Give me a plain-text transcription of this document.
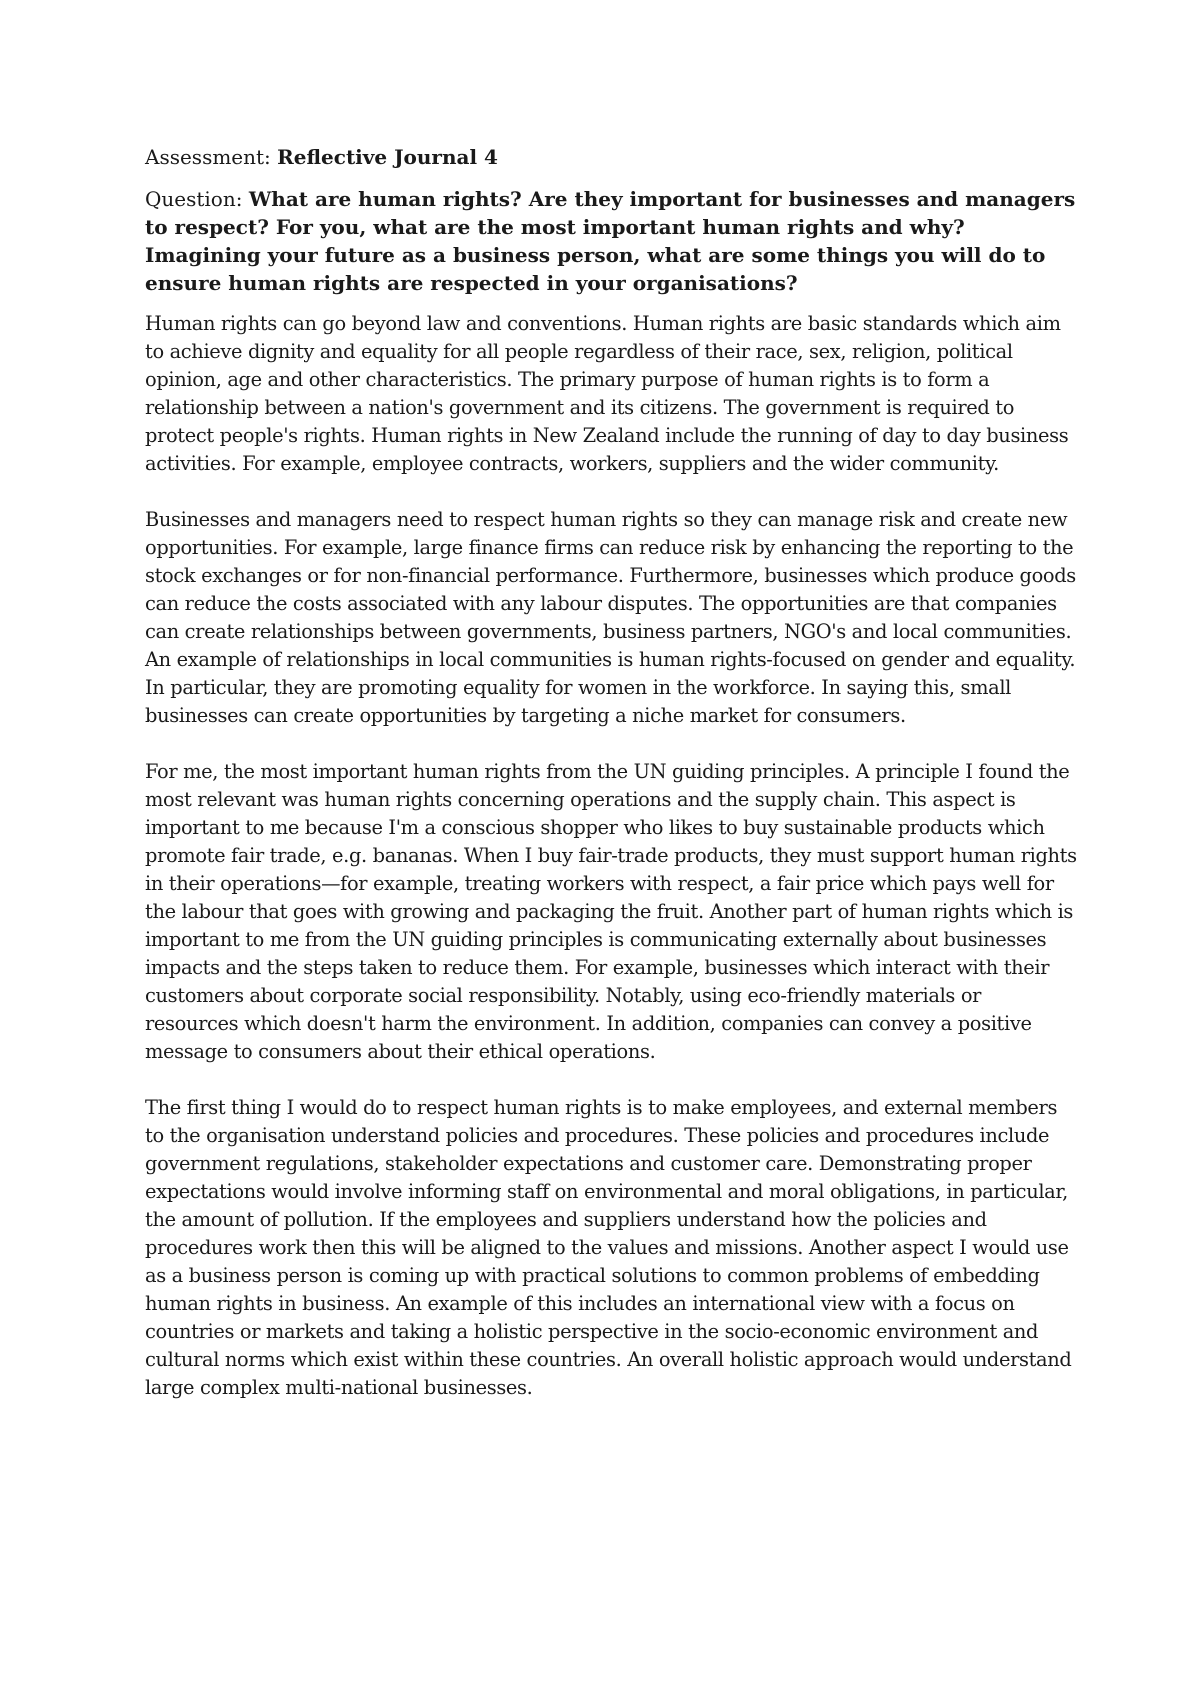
Assessment: Reflective Journal 4

Question: What are human rights? Are they important for businesses and managers to respect? For you, what are the most important human rights and why? Imagining your future as a business person, what are some things you will do to ensure human rights are respected in your organisations?

Human rights can go beyond law and conventions. Human rights are basic standards which aim to achieve dignity and equality for all people regardless of their race, sex, religion, political opinion, age and other characteristics. The primary purpose of human rights is to form a relationship between a nation's government and its citizens. The government is required to protect people's rights. Human rights in New Zealand include the running of day to day business activities. For example, employee contracts, workers, suppliers and the wider community.

Businesses and managers need to respect human rights so they can manage risk and create new opportunities. For example, large finance firms can reduce risk by enhancing the reporting to the stock exchanges or for non-financial performance. Furthermore, businesses which produce goods can reduce the costs associated with any labour disputes. The opportunities are that companies can create relationships between governments, business partners, NGO's and local communities. An example of relationships in local communities is human rights-focused on gender and equality. In particular, they are promoting equality for women in the workforce. In saying this, small businesses can create opportunities by targeting a niche market for consumers.

For me, the most important human rights from the UN guiding principles. A principle I found the most relevant was human rights concerning operations and the supply chain. This aspect is important to me because I'm a conscious shopper who likes to buy sustainable products which promote fair trade, e.g. bananas. When I buy fair-trade products, they must support human rights in their operations—for example, treating workers with respect, a fair price which pays well for the labour that goes with growing and packaging the fruit. Another part of human rights which is important to me from the UN guiding principles is communicating externally about businesses impacts and the steps taken to reduce them. For example, businesses which interact with their customers about corporate social responsibility. Notably, using eco-friendly materials or resources which doesn't harm the environment. In addition, companies can convey a positive message to consumers about their ethical operations.

The first thing I would do to respect human rights is to make employees, and external members to the organisation understand policies and procedures. These policies and procedures include government regulations, stakeholder expectations and customer care. Demonstrating proper expectations would involve informing staff on environmental and moral obligations, in particular, the amount of pollution. If the employees and suppliers understand how the policies and procedures work then this will be aligned to the values and missions. Another aspect I would use as a business person is coming up with practical solutions to common problems of embedding human rights in business. An example of this includes an international view with a focus on countries or markets and taking a holistic perspective in the socio-economic environment and cultural norms which exist within these countries. An overall holistic approach would understand large complex multi-national businesses.
